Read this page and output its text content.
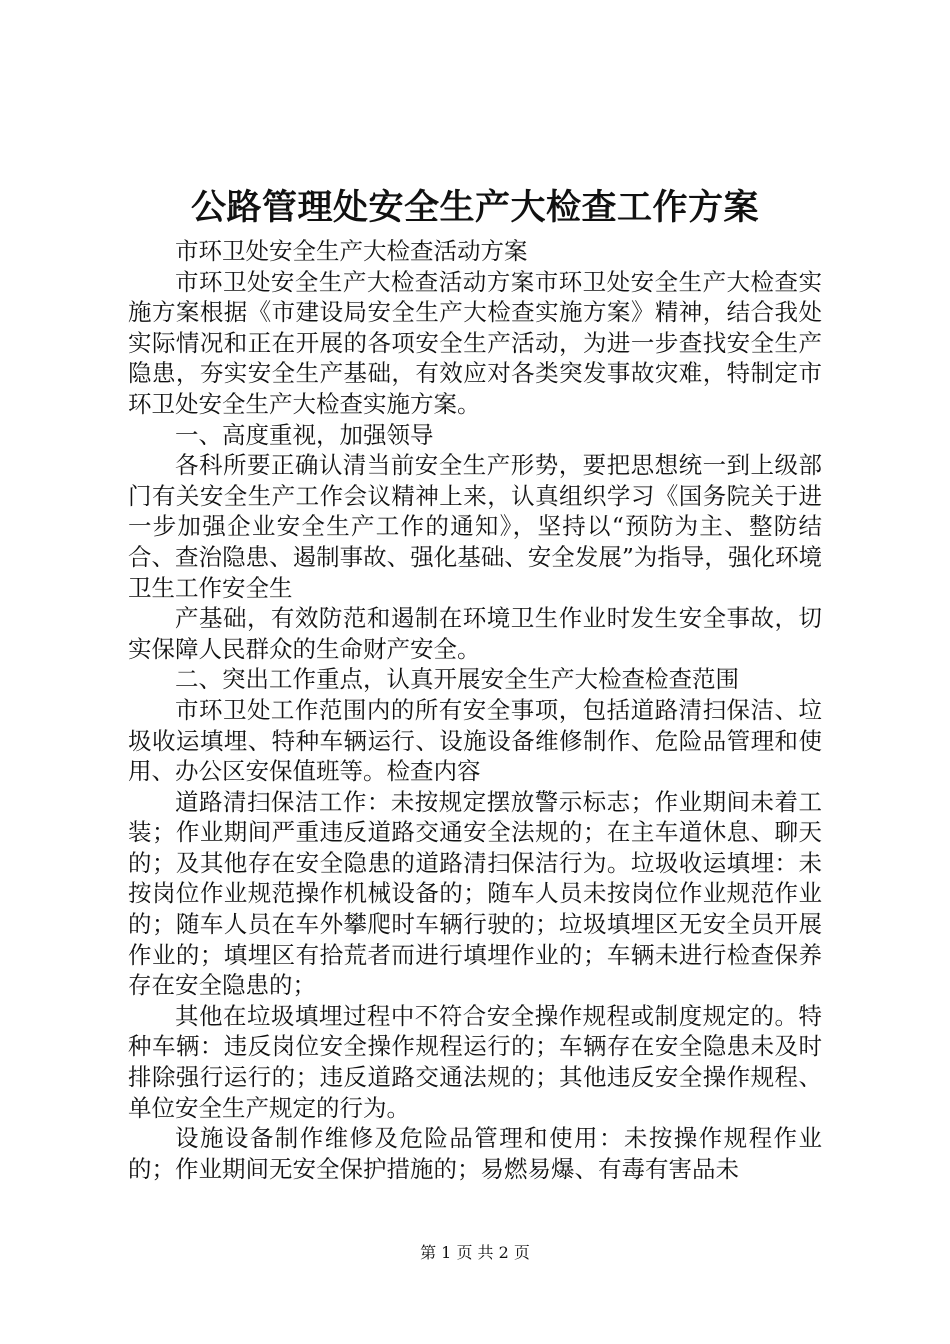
公路管理处安全生产大检查工作方案

市环卫处安全生产大检查活动方案

市环卫处安全生产大检查活动方案市环卫处安全生产大检查实施方案根据《市建设局安全生产大检查实施方案》精神，结合我处实际情况和正在开展的各项安全生产活动，为进一步查找安全生产隐患，夯实安全生产基础，有效应对各类突发事故灾难，特制定市环卫处安全生产大检查实施方案。

一、高度重视，加强领导

各科所要正确认清当前安全生产形势，要把思想统一到上级部门有关安全生产工作会议精神上来，认真组织学习《国务院关于进一步加强企业安全生产工作的通知》，坚持以“预防为主、整防结合、查治隐患、遏制事故、强化基础、安全发展”为指导，强化环境卫生工作安全生

产基础，有效防范和遏制在环境卫生作业时发生安全事故，切实保障人民群众的生命财产安全。

二、突出工作重点，认真开展安全生产大检查检查范围

市环卫处工作范围内的所有安全事项，包括道路清扫保洁、垃圾收运填埋、特种车辆运行、设施设备维修制作、危险品管理和使用、办公区安保值班等。检查内容

道路清扫保洁工作：未按规定摆放警示标志；作业期间未着工装；作业期间严重违反道路交通安全法规的；在主车道休息、聊天的；及其他存在安全隐患的道路清扫保洁行为。垃圾收运填埋：未按岗位作业规范操作机械设备的；随车人员未按岗位作业规范作业的；随车人员在车外攀爬时车辆行驶的；垃圾填埋区无安全员开展作业的；填埋区有拾荒者而进行填埋作业的；车辆未进行检查保养存在安全隐患的；

其他在垃圾填埋过程中不符合安全操作规程或制度规定的。特种车辆：违反岗位安全操作规程运行的；车辆存在安全隐患未及时排除强行运行的；违反道路交通法规的；其他违反安全操作规程、单位安全生产规定的行为。

设施设备制作维修及危险品管理和使用：未按操作规程作业的；作业期间无安全保护措施的；易燃易爆、有毒有害品未

第 1 页 共 2 页
